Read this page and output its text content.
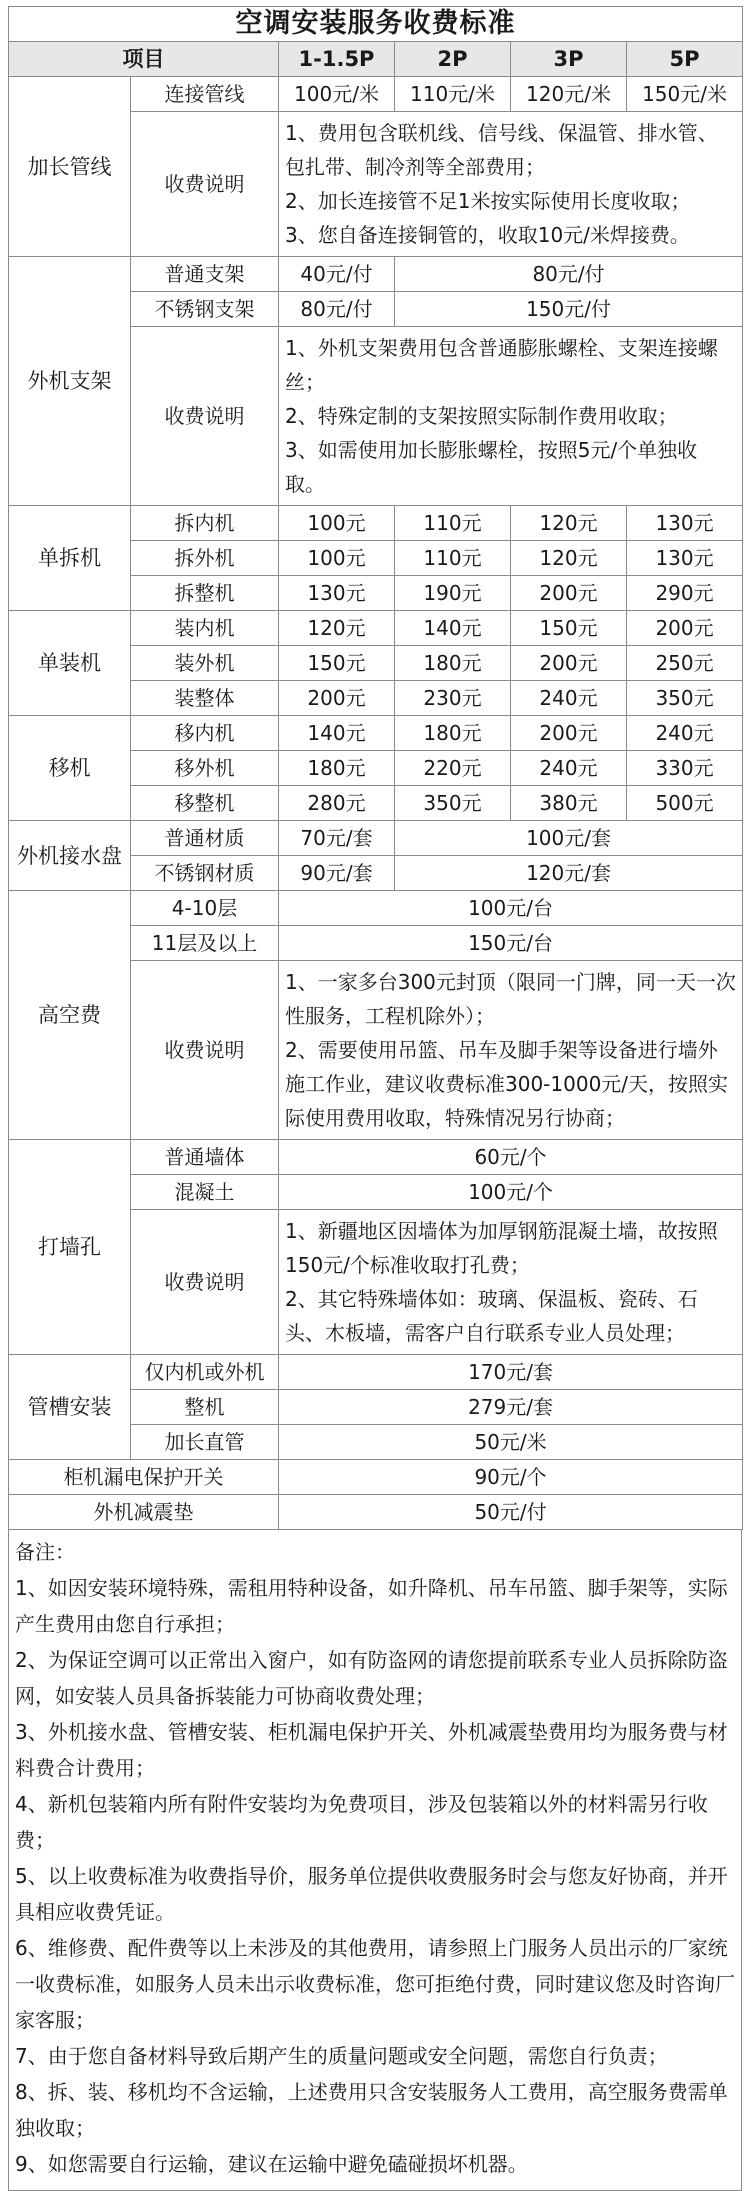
空调安装服务收费标准					
项目		1-1.5P	2P	3P	5P
加长管线	连接管线	100元/米	110元/米	120元/米	150元/米
	收费说明	1、费用包含联机线、信号线、保温管、排水管、包扎带、制冷剂等全部费用；
2、加长连接管不足1米按实际使用长度收取；
3、您自备连接铜管的，收取10元/米焊接费。			

外机支架	普通支架	40元/付	80元/付		
	不锈钢支架	80元/付	150元/付		
	收费说明	1、外机支架费用包含普通膨胀螺栓、支架连接螺丝；
2、特殊定制的支架按照实际制作费用收取；
3、如需使用加长膨胀螺栓，按照5元/个单独收取。			

单拆机	拆内机	100元	110元	120元	130元
	拆外机	100元	110元	120元	130元
	拆整机	130元	190元	200元	290元
单装机	装内机	120元	140元	150元	200元
	装外机	150元	180元	200元	250元
	装整体	200元	230元	240元	350元
移机	移内机	140元	180元	200元	240元
	移外机	180元	220元	240元	330元
	移整机	280元	350元	380元	500元
外机接水盘	普通材质	70元/套	100元/套		
	不锈钢材质	90元/套	120元/套		
高空费	4-10层	100元/台			
	11层及以上	150元/台			
	收费说明	1、一家多台300元封顶（限同一门牌，同一天一次性服务，工程机除外）；
2、需要使用吊篮、吊车及脚手架等设备进行墙外施工作业，建议收费标准300-1000元/天，按照实际使用费用收取，特殊情况另行协商；			

打墙孔	普通墙体	60元/个			
	混凝土	100元/个			
	收费说明	1、新疆地区因墙体为加厚钢筋混凝土墙，故按照150元/个标准收取打孔费；
2、其它特殊墙体如：玻璃、保温板、瓷砖、石头、木板墙，需客户自行联系专业人员处理；			

管槽安装	仅内机或外机	170元/套			
	整机	279元/套			
	加长直管	50元/米			
柜机漏电保护开关		90元/个			
外机减震垫		50元/付			
备注：
1、如因安装环境特殊，需租用特种设备，如升降机、吊车吊篮、脚手架等，实际产生费用由您自行承担；
2、为保证空调可以正常出入窗户，如有防盗网的请您提前联系专业人员拆除防盗网，如安装人员具备拆装能力可协商收费处理；
3、外机接水盘、管槽安装、柜机漏电保护开关、外机减震垫费用均为服务费与材料费合计费用；
4、新机包装箱内所有附件安装均为免费项目，涉及包装箱以外的材料需另行收费；
5、以上收费标准为收费指导价，服务单位提供收费服务时会与您友好协商，并开具相应收费凭证。
6、维修费、配件费等以上未涉及的其他费用，请参照上门服务人员出示的厂家统一收费标准，如服务人员未出示收费标准，您可拒绝付费，同时建议您及时咨询厂家客服；
7、由于您自备材料导致后期产生的质量问题或安全问题，需您自行负责；
8、拆、装、移机均不含运输，上述费用只含安装服务人工费用，高空服务费需单独收取；
9、如您需要自行运输，建议在运输中避免磕碰损坏机器。
